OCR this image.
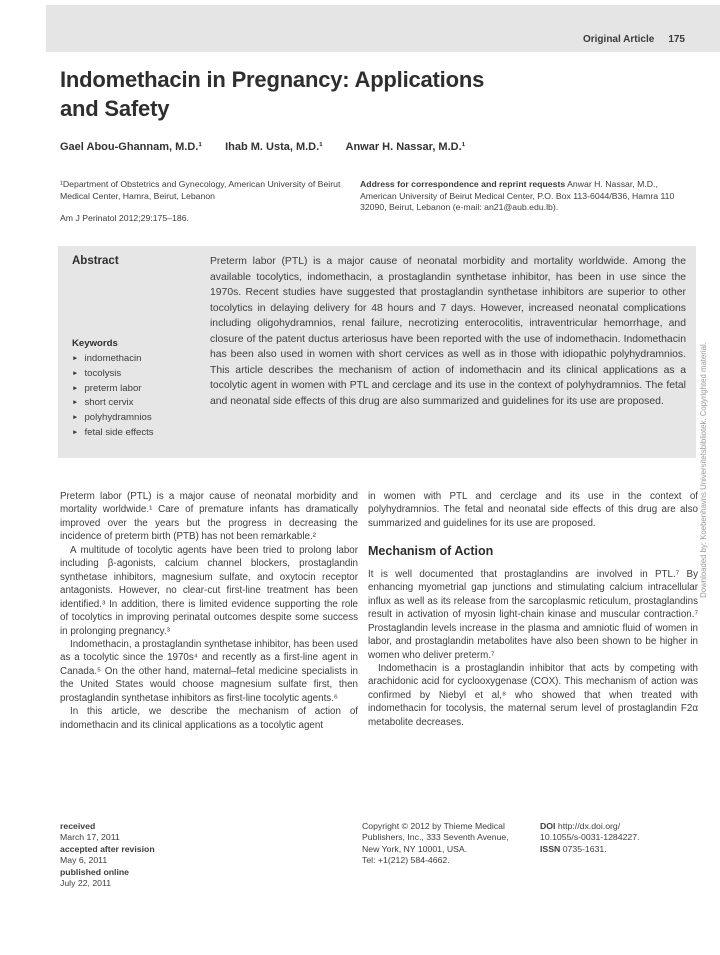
Original Article 175
Indomethacin in Pregnancy: Applications
and Safety
Gael Abou-Ghannam, M.D.¹ Ihab M. Usta, M.D.¹ Anwar H. Nassar, M.D.¹
¹Department of Obstetrics and Gynecology, American University of Beirut Medical Center, Hamra, Beirut, Lebanon
Am J Perinatol 2012;29:175–186.
Address for correspondence and reprint requests Anwar H. Nassar, M.D., American University of Beirut Medical Center, P.O. Box 113-6044/B36, Hamra 110 32090, Beirut, Lebanon (e-mail: an21@aub.edu.lb).
Abstract
Keywords
► indomethacin
► tocolysis
► preterm labor
► short cervix
► polyhydramnios
► fetal side effects
Preterm labor (PTL) is a major cause of neonatal morbidity and mortality worldwide. Among the available tocolytics, indomethacin, a prostaglandin synthetase inhibitor, has been in use since the 1970s. Recent studies have suggested that prostaglandin synthetase inhibitors are superior to other tocolytics in delaying delivery for 48 hours and 7 days. However, increased neonatal complications including oligohydramnios, renal failure, necrotizing enterocolitis, intraventricular hemorrhage, and closure of the patent ductus arteriosus have been reported with the use of indomethacin. Indomethacin has been also used in women with short cervices as well as in those with idiopathic polyhydramnios. This article describes the mechanism of action of indomethacin and its clinical applications as a tocolytic agent in women with PTL and cerclage and its use in the context of polyhydramnios. The fetal and neonatal side effects of this drug are also summarized and guidelines for its use are proposed.

Preterm labor (PTL) is a major cause of neonatal morbidity and mortality worldwide.¹ Care of premature infants has dramatically improved over the years but the progress in decreasing the incidence of preterm birth (PTB) has not been remarkable.²

A multitude of tocolytic agents have been tried to prolong labor including β-agonists, calcium channel blockers, prostaglandin synthetase inhibitors, magnesium sulfate, and oxytocin receptor antagonists. However, no clear-cut first-line treatment has been identified.³ In addition, there is limited evidence supporting the role of tocolytics in improving perinatal outcomes despite some success in prolonging pregnancy.³

Indomethacin, a prostaglandin synthetase inhibitor, has been used as a tocolytic since the 1970s⁴ and recently as a first-line agent in Canada.⁵ On the other hand, maternal–fetal medicine specialists in the United States would choose magnesium sulfate first, then prostaglandin synthetase inhibitors as first-line tocolytic agents.⁶

In this article, we describe the mechanism of action of indomethacin and its clinical applications as a tocolytic agent

in women with PTL and cerclage and its use in the context of polyhydramnios. The fetal and neonatal side effects of this drug are also summarized and guidelines for its use are proposed.

Mechanism of Action

It is well documented that prostaglandins are involved in PTL.⁷ By enhancing myometrial gap junctions and stimulating calcium intracellular influx as well as its release from the sarcoplasmic reticulum, prostaglandins result in activation of myosin light-chain kinase and muscular contraction.⁷ Prostaglandin levels increase in the plasma and amniotic fluid of women in labor, and prostaglandin metabolites have also been shown to be higher in women who deliver preterm.⁷

Indomethacin is a prostaglandin inhibitor that acts by competing with arachidonic acid for cyclooxygenase (COX). This mechanism of action was confirmed by Niebyl et al,⁸ who showed that when treated with indomethacin for tocolysis, the maternal serum level of prostaglandin F2α metabolite decreases.

received
March 17, 2011
accepted after revision
May 6, 2011
published online
July 22, 2011
Copyright © 2012 by Thieme Medical
Publishers, Inc., 333 Seventh Avenue,
New York, NY 10001, USA.
Tel: +1(212) 584-4662.
DOI http://dx.doi.org/
10.1055/s-0031-1284227.
ISSN 0735-1631.
Downloaded by: Koebenhavns Universitetsbibliotek. Copyrighted material.
